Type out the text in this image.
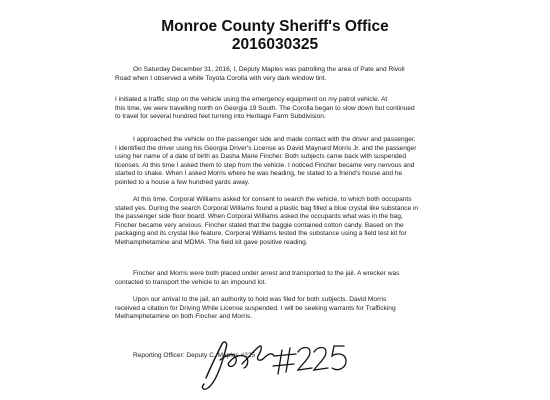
Monroe County Sheriff's Office
2016030325

On Saturday December 31, 2016, I, Deputy Maples was patrolling the area of Pate and Rivoli
Road when I observed a white Toyota Corolla with very dark window tint.

I initiated a traffic stop on the vehicle using the emergency equipment on my patrol vehicle. At
this time, we were travelling north on Georgia 19 South. The Corolla began to slow down but continued
to travel for several hundred feet turning into Heritage Farm Subdivision.

I approached the vehicle on the passenger side and made contact with the driver and passenger.
I identified the driver using his Georgia Driver's License as David Maynard Morris Jr. and the passenger
using her name of a date of birth as Dasha Marie Fincher. Both subjects came back with suspended
licenses. At this time I asked them to step from the vehicle. I noticed Fincher became very nervous and
started to shake. When I asked Morris where he was heading, he stated to a friend's house and he
pointed to a house a few hundred yards away.

At this time, Corporal Williams asked for consent to search the vehicle, to which both occupants
stated yes. During the search Corporal Williams found a plastic bag filled a blue crystal like substance in
the passenger side floor board. When Corporal Williams asked the occupants what was in the bag,
Fincher became very anxious. Fincher stated that the baggie contained cotton candy. Based on the
packaging and its crystal like feature, Corporal Williams tested the substance using a field test kit for
Methamphetamine and MDMA. The field kit gave positive reading.

Fincher and Morris were both placed under arrest and transported to the jail. A wrecker was
contacted to transport the vehicle to an impound lot.

Upon our arrival to the jail, an authority to hold was filed for both subjects. David Morris
received a citation for Driving While License suspended. I will be seeking warrants for Trafficking
Methamphetamine on both Fincher and Morris.

Reporting Officer: Deputy C. Maples #225
